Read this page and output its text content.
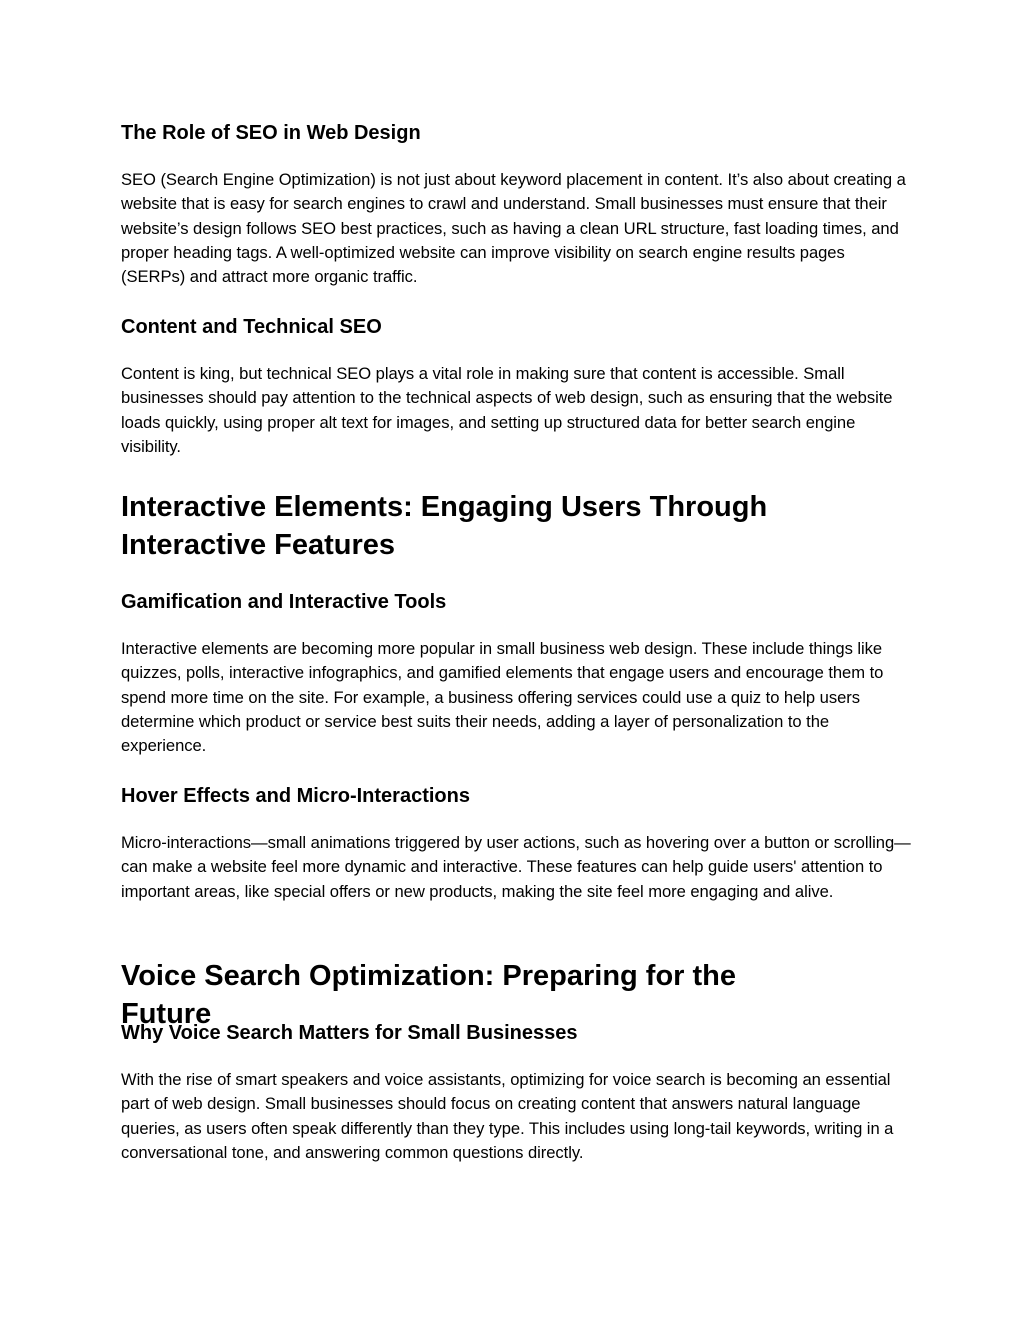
The Role of SEO in Web Design

SEO (Search Engine Optimization) is not just about keyword placement in content. It’s also about creating a website that is easy for search engines to crawl and understand. Small businesses must ensure that their website’s design follows SEO best practices, such as having a clean URL structure, fast loading times, and proper heading tags. A well-optimized website can improve visibility on search engine results pages (SERPs) and attract more organic traffic.

Content and Technical SEO

Content is king, but technical SEO plays a vital role in making sure that content is accessible. Small businesses should pay attention to the technical aspects of web design, such as ensuring that the website loads quickly, using proper alt text for images, and setting up structured data for better search engine visibility.

Interactive Elements: Engaging Users Through Interactive Features
Gamification and Interactive Tools

Interactive elements are becoming more popular in small business web design. These include things like quizzes, polls, interactive infographics, and gamified elements that engage users and encourage them to spend more time on the site. For example, a business offering services could use a quiz to help users determine which product or service best suits their needs, adding a layer of personalization to the experience.

Hover Effects and Micro-Interactions

Micro-interactions—small animations triggered by user actions, such as hovering over a button or scrolling—can make a website feel more dynamic and interactive. These features can help guide users' attention to important areas, like special offers or new products, making the site feel more engaging and alive.

Voice Search Optimization: Preparing for the Future
Why Voice Search Matters for Small Businesses

With the rise of smart speakers and voice assistants, optimizing for voice search is becoming an essential part of web design. Small businesses should focus on creating content that answers natural language queries, as users often speak differently than they type. This includes using long-tail keywords, writing in a conversational tone, and answering common questions directly.
